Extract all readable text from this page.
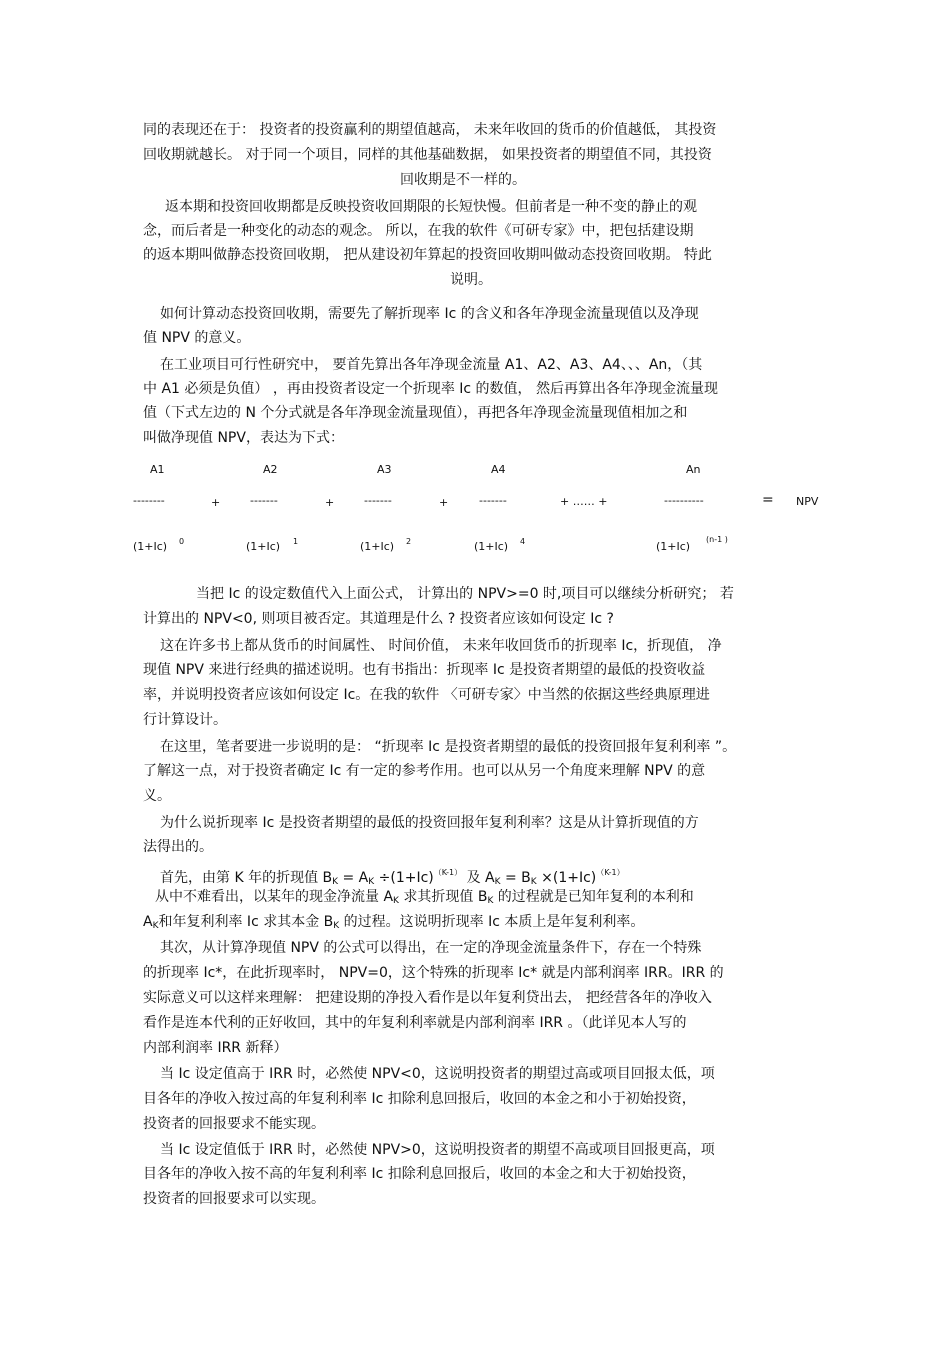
同的表现还在于： 投资者的投资赢利的期望值越高， 未来年收回的货币的价值越低， 其投资
回收期就越长。 对于同一个项目，同样的其他基础数据， 如果投资者的期望值不同，其投资
回收期是不一样的。
返本期和投资回收期都是反映投资收回期限的长短快慢。但前者是一种不变的静止的观
念，而后者是一种变化的动态的观念。 所以，在我的软件《可研专家》中，把包括建设期
的返本期叫做静态投资回收期， 把从建设初年算起的投资回收期叫做动态投资回收期。 特此
说明。
如何计算动态投资回收期，需要先了解折现率 Ic 的含义和各年净现金流量现值以及净现
值 NPV 的意义。
在工业项目可行性研究中， 要首先算出各年净现金流量 A1、A2、A3、A4、、、An，（其
中 A1 必须是负值） ，再由投资者设定一个折现率 Ic 的数值， 然后再算出各年净现金流量现
值（下式左边的 N 个分式就是各年净现金流量现值），再把各年净现金流量现值相加之和
叫做净现值 NPV，表达为下式：
A1	A2	A3	A4	An
--------	+	-------	+	-------	+	-------	+ …… +	----------	= NPV
(1+Ic) 0	(1+Ic) 1	(1+Ic) 2	(1+Ic) 4	(1+Ic)
(n-1 )
当把 Ic 的设定数值代入上面公式， 计算出的 NPV>=0 时,项目可以继续分析研究； 若
计算出的 NPV<0, 则项目被否定。其道理是什么 ? 投资者应该如何设定 Ic ?
这在许多书上都从货币的时间属性、 时间价值， 未来年收回货币的折现率 Ic，折现值， 净
现值 NPV 来进行经典的描述说明。也有书指出：折现率 Ic 是投资者期望的最低的投资收益
率，并说明投资者应该如何设定 Ic。在我的软件 〈可研专家〉中当然的依据这些经典原理进
行计算设计。
在这里，笔者要进一步说明的是： “折现率 Ic 是投资者期望的最低的投资回报年复利利率 ”。
了解这一点，对于投资者确定 Ic 有一定的参考作用。也可以从另一个角度来理解 NPV 的意
义。
为什么说折现率 Ic 是投资者期望的最低的投资回报年复利利率？这是从计算折现值的方
法得出的。
首先，由第 K 年的折现值 $B_K = A_K \div(1+Ic)^{(K-1)}$ 及 $A_K = B_K \times(1+Ic)^{(K-1)}$
从中不难看出，以某年的现金净流量 $A_K$ 求其折现值 $B_K$ 的过程就是已知年复利的本利和
$A_K$和年复利利率 Ic 求其本金 $B_K$ 的过程。这说明折现率 Ic 本质上是年复利利率。
其次，从计算净现值 NPV 的公式可以得出，在一定的净现金流量条件下，存在一个特殊
的折现率 Ic*，在此折现率时， NPV=0，这个特殊的折现率 Ic* 就是内部利润率 IRR。IRR 的
实际意义可以这样来理解： 把建设期的净投入看作是以年复利贷出去， 把经营各年的净收入
看作是连本代利的正好收回，其中的年复利利率就是内部利润率 IRR 。（此详见本人写的
内部利润率 IRR 新释）
当 Ic 设定值高于 IRR 时，必然使 NPV<0，这说明投资者的期望过高或项目回报太低，项
目各年的净收入按过高的年复利利率 Ic 扣除利息回报后，收回的本金之和小于初始投资，
投资者的回报要求不能实现。
当 Ic 设定值低于 IRR 时，必然使 NPV>0，这说明投资者的期望不高或项目回报更高，项
目各年的净收入按不高的年复利利率 Ic 扣除利息回报后，收回的本金之和大于初始投资，
投资者的回报要求可以实现。
